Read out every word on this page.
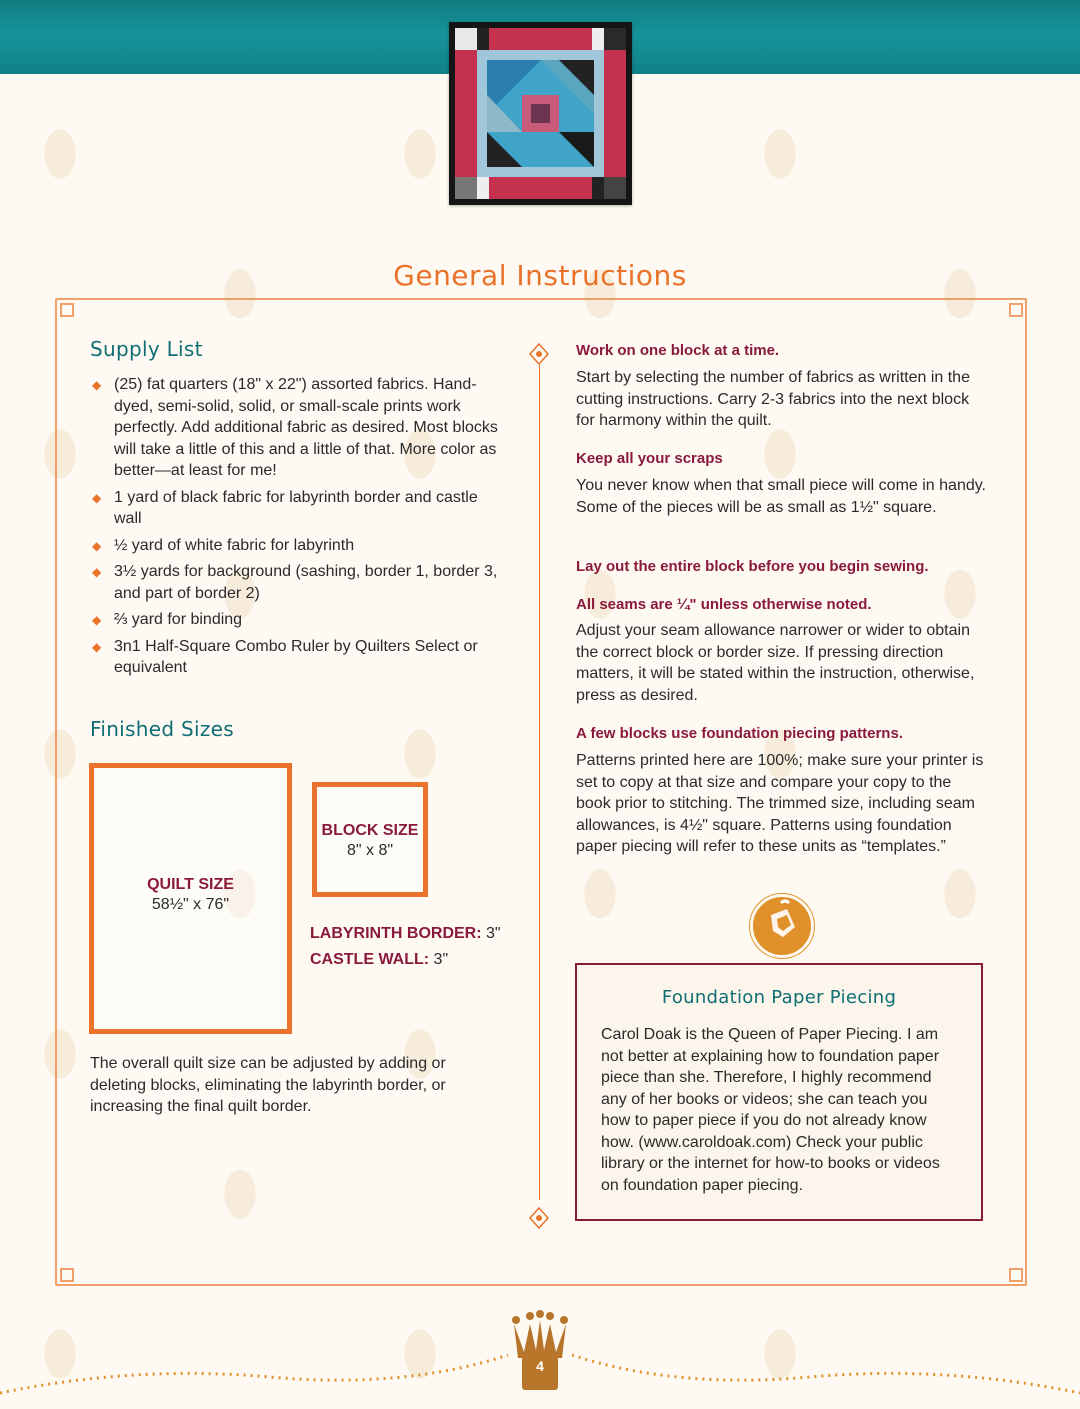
General Instructions
Supply List
◆ (25) fat quarters (18" x 22") assorted fabrics. Hand-dyed, semi-solid, solid, or small-scale prints work perfectly. Add additional fabric as desired. Most blocks will take a little of this and a little of that. More color as better—at least for me!
◆ 1 yard of black fabric for labyrinth border and castle wall
◆ ½ yard of white fabric for labyrinth
◆ 3½ yards for background (sashing, border 1, border 3, and part of border 2)
◆ ⅔ yard for binding
◆ 3n1 Half-Square Combo Ruler by Quilters Select or equivalent
Finished Sizes
QUILT SIZE
58½" x 76"
BLOCK SIZE
8" x 8"
LABYRINTH BORDER: 3"
CASTLE WALL: 3"
The overall quilt size can be adjusted by adding or deleting blocks, eliminating the labyrinth border, or increasing the final quilt border.
Work on one block at a time.
Start by selecting the number of fabrics as written in the cutting instructions. Carry 2-3 fabrics into the next block for harmony within the quilt.
Keep all your scraps
You never know when that small piece will come in handy. Some of the pieces will be as small as 1½" square.
Lay out the entire block before you begin sewing.
All seams are ¼" unless otherwise noted.
Adjust your seam allowance narrower or wider to obtain the correct block or border size. If pressing direction matters, it will be stated within the instruction, otherwise, press as desired.
A few blocks use foundation piecing patterns.
Patterns printed here are 100%; make sure your printer is set to copy at that size and compare your copy to the book prior to stitching. The trimmed size, including seam allowances, is 4½" square. Patterns using foundation paper piecing will refer to these units as “templates.”
Foundation Paper Piecing
Carol Doak is the Queen of Paper Piecing. I am not better at explaining how to foundation paper piece than she. Therefore, I highly recommend any of her books or videos; she can teach you how to paper piece if you do not already know how. (www.caroldoak.com) Check your public library or the internet for how-to books or videos on foundation paper piecing.
4
